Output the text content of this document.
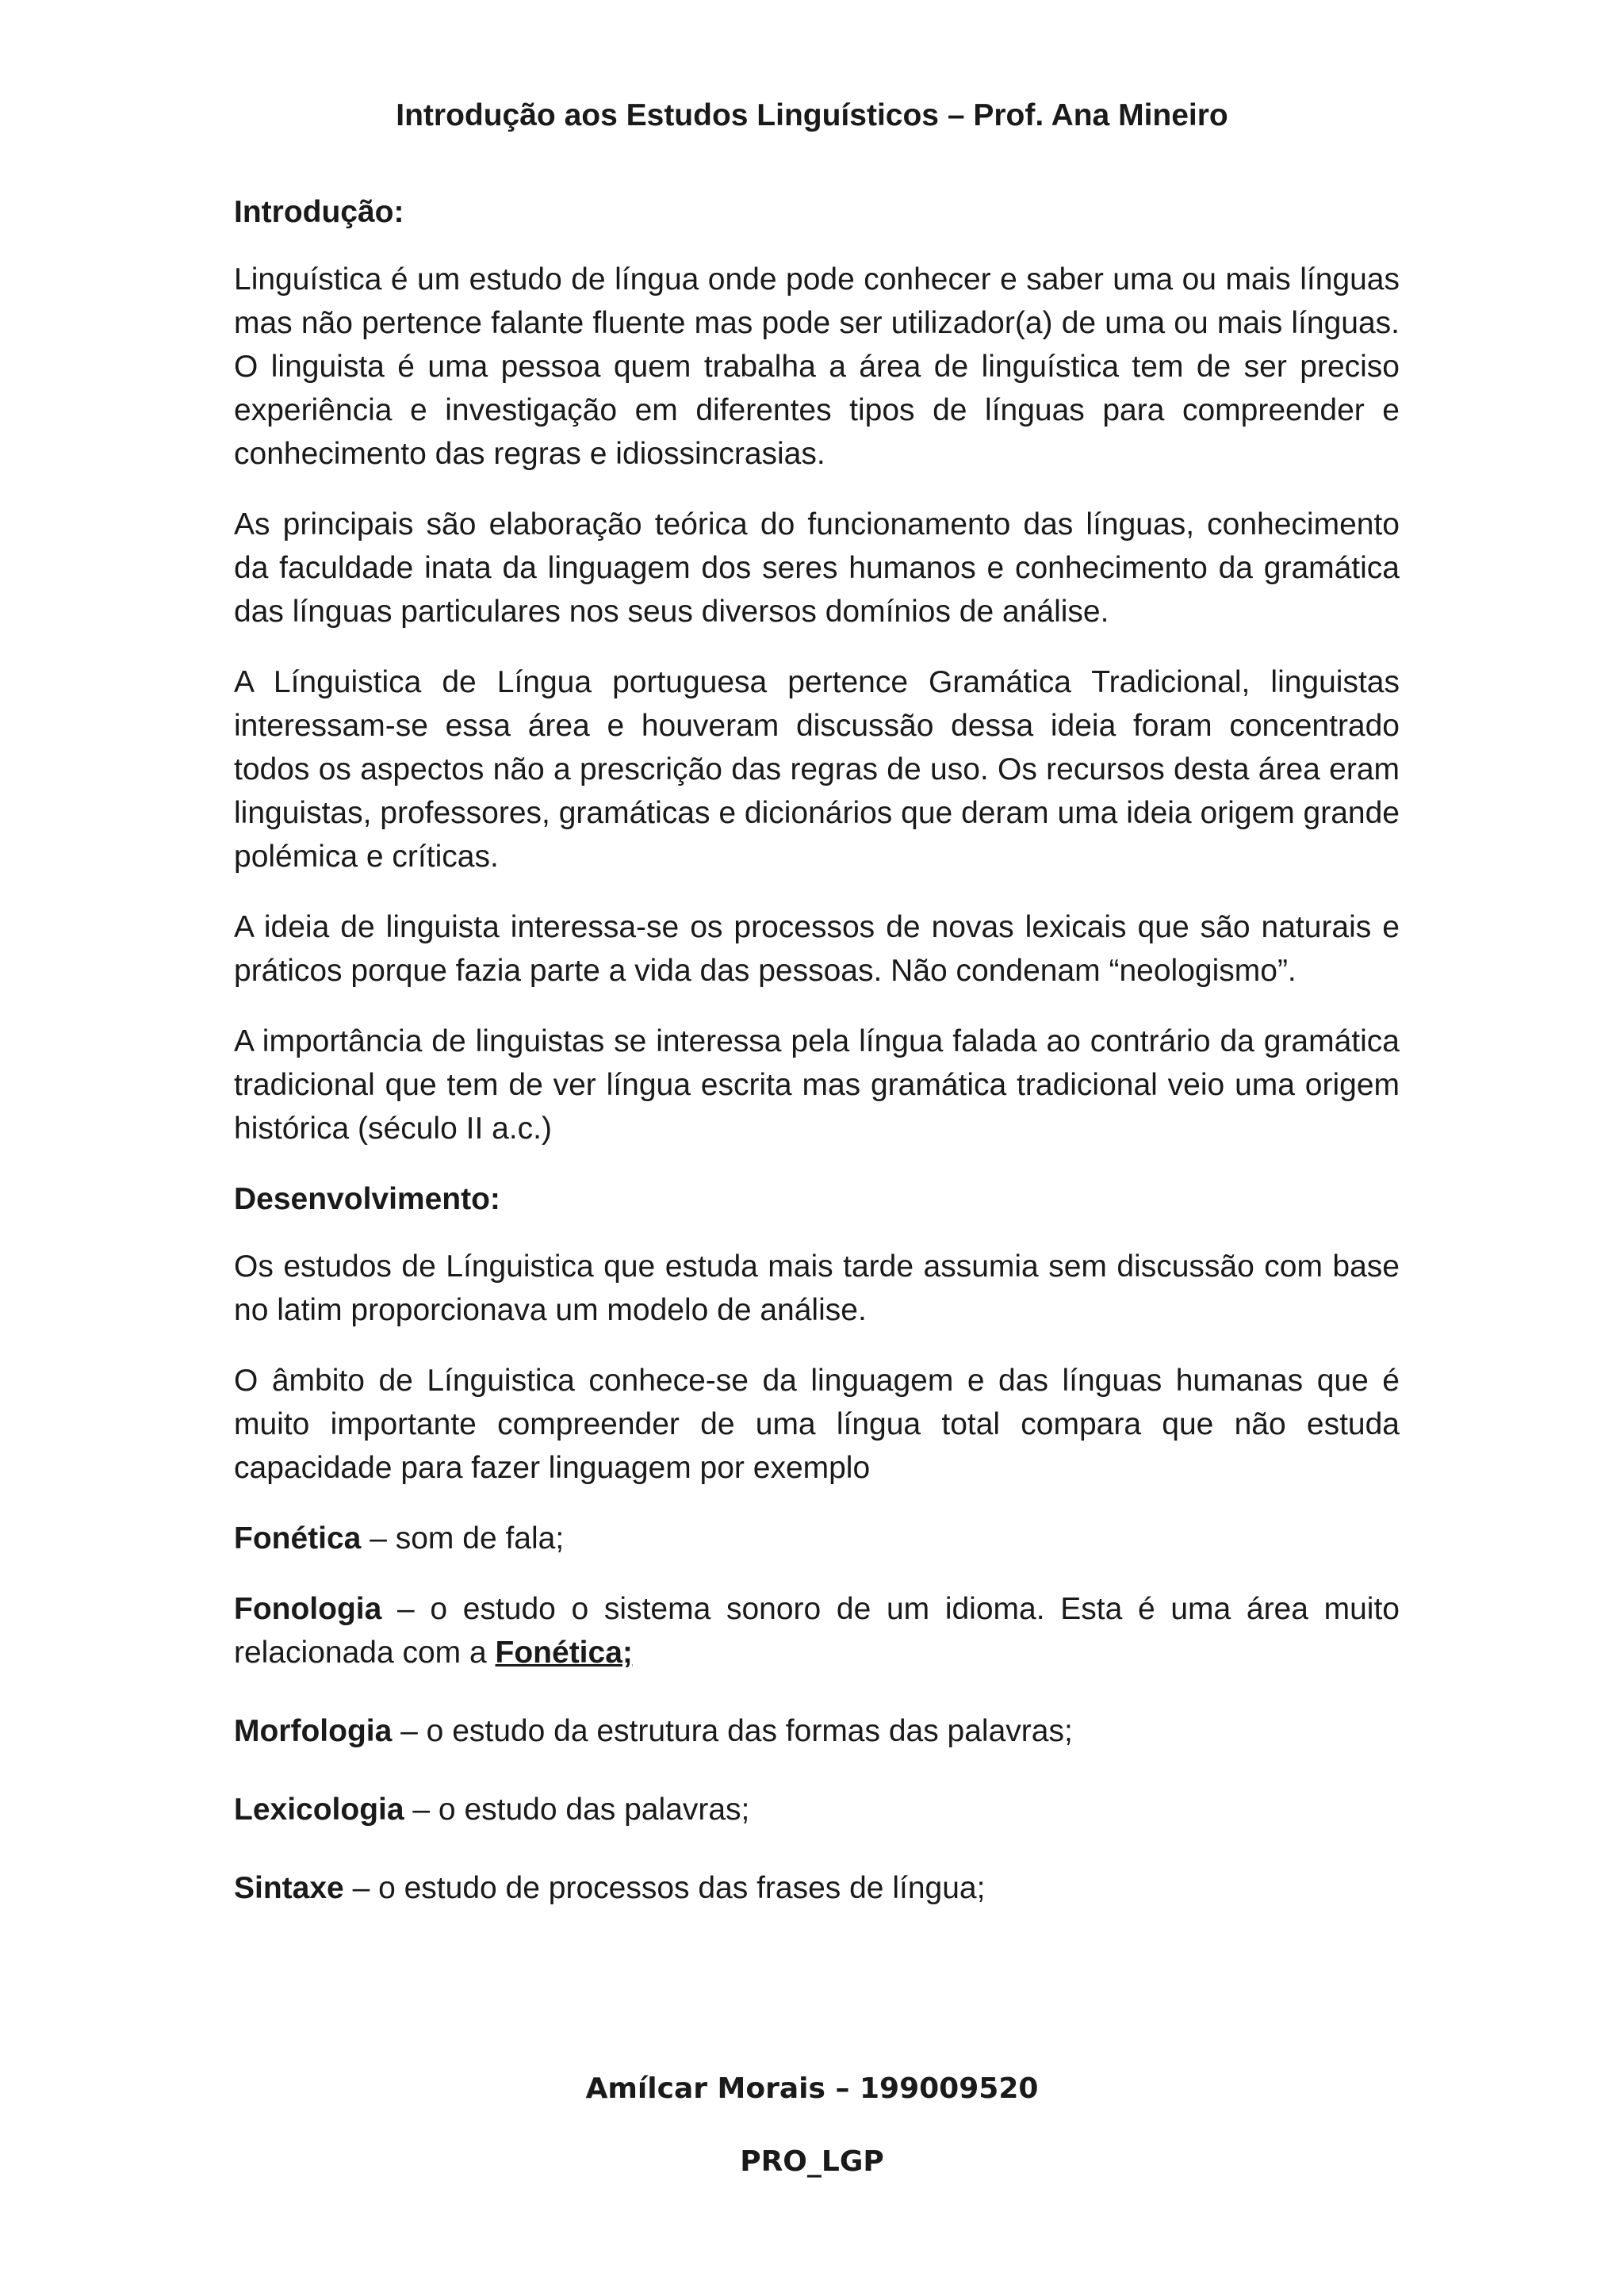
Introdução aos Estudos Linguísticos – Prof. Ana Mineiro
Introdução:

Linguística é um estudo de língua onde pode conhecer e saber uma ou mais línguas mas não pertence falante fluente mas pode ser utilizador(a) de uma ou mais línguas. O linguista é uma pessoa quem trabalha a área de linguística tem de ser preciso experiência e investigação em diferentes tipos de línguas para compreender e conhecimento das regras e idiossincrasias.

As principais são elaboração teórica do funcionamento das línguas, conhecimento da faculdade inata da linguagem dos seres humanos e conhecimento da gramática das línguas particulares nos seus diversos domínios de análise.

A Línguistica de Língua portuguesa pertence Gramática Tradicional, linguistas interessam-se essa área e houveram discussão dessa ideia foram concentrado todos os aspectos não a prescrição das regras de uso. Os recursos desta área eram linguistas, professores, gramáticas e dicionários que deram uma ideia origem grande polémica e críticas.

A ideia de linguista interessa-se os processos de novas lexicais que são naturais e práticos porque fazia parte a vida das pessoas. Não condenam “neologismo”.

A importância de linguistas se interessa pela língua falada ao contrário da gramática tradicional que tem de ver língua escrita mas gramática tradicional veio uma origem histórica (século II a.c.)

Desenvolvimento:

Os estudos de Línguistica que estuda mais tarde assumia sem discussão com base no latim proporcionava um modelo de análise.

O âmbito de Línguistica conhece-se da linguagem e das línguas humanas que é muito importante compreender de uma língua total compara que não estuda capacidade para fazer linguagem por exemplo

Fonética – som de fala;

Fonologia – o estudo o sistema sonoro de um idioma. Esta é uma área muito relacionada com a Fonética;

Morfologia – o estudo da estrutura das formas das palavras;

Lexicologia – o estudo das palavras;

Sintaxe – o estudo de processos das frases de língua;

Amílcar Morais – 199009520
PRO_LGP
